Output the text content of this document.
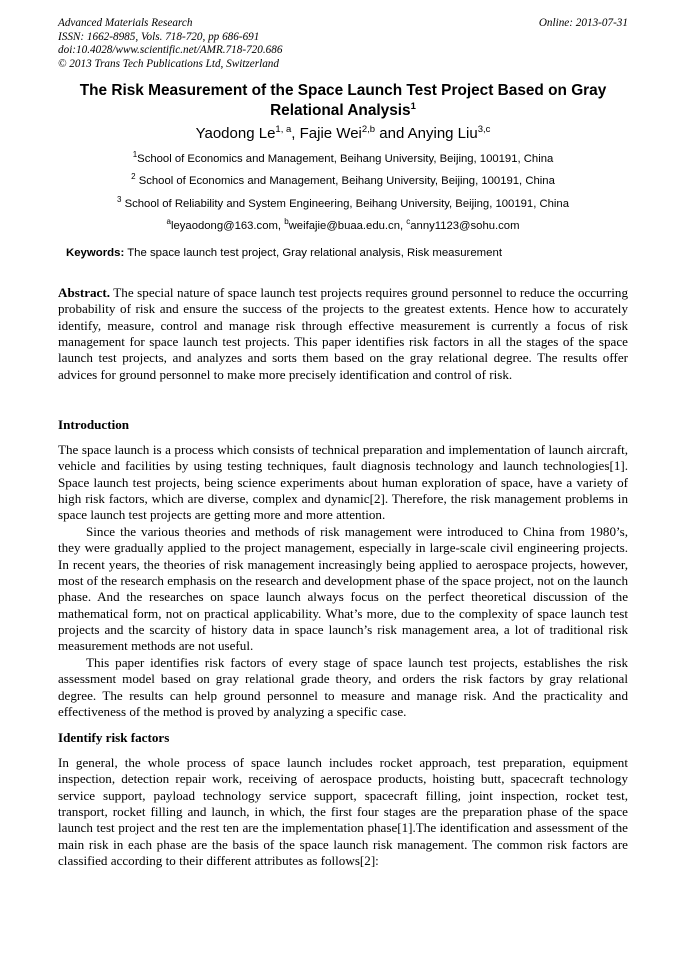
Advanced Materials Research	Online: 2013-07-31
ISSN: 1662-8985, Vols. 718-720, pp 686-691
doi:10.4028/www.scientific.net/AMR.718-720.686
© 2013 Trans Tech Publications Ltd, Switzerland
The Risk Measurement of the Space Launch Test Project Based on Gray Relational Analysis$^1$
Yaodong Le$^{1, a}$, Fajie Wei$^{2,b}$ and Anying Liu$^{3,c}$
$^1$School of Economics and Management, Beihang University, Beijing, 100191, China
$^2$ School of Economics and Management, Beihang University, Beijing, 100191, China
$^3$ School of Reliability and System Engineering, Beihang University, Beijing, 100191, China
$^a$leyaodong@163.com, $^b$weifajie@buaa.edu.cn, $^c$anny1123@sohu.com
Keywords: The space launch test project, Gray relational analysis, Risk measurement

Abstract. The special nature of space launch test projects requires ground personnel to reduce the occurring probability of risk and ensure the success of the projects to the greatest extents. Hence how to accurately identify, measure, control and manage risk through effective measurement is currently a focus of risk management for space launch test projects. This paper identifies risk factors in all the stages of the space launch test projects, and analyzes and sorts them based on the gray relational degree. The results offer advices for ground personnel to make more precisely identification and control of risk.

Introduction

The space launch is a process which consists of technical preparation and implementation of launch aircraft, vehicle and facilities by using testing techniques, fault diagnosis technology and launch technologies[1]. Space launch test projects, being science experiments about human exploration of space, have a variety of high risk factors, which are diverse, complex and dynamic[2]. Therefore, the risk management problems in space launch test projects are getting more and more attention.

Since the various theories and methods of risk management were introduced to China from 1980’s, they were gradually applied to the project management, especially in large-scale civil engineering projects. In recent years, the theories of risk management increasingly being applied to aerospace projects, however, most of the research emphasis on the research and development phase of the space project, not on the launch phase. And the researches on space launch always focus on the perfect theoretical discussion of the mathematical form, not on practical applicability. What’s more, due to the complexity of space launch test projects and the scarcity of history data in space launch’s risk management area, a lot of traditional risk measurement methods are not useful.

This paper identifies risk factors of every stage of space launch test projects, establishes the risk assessment model based on gray relational grade theory, and orders the risk factors by gray relational degree. The results can help ground personnel to measure and manage risk. And the practicality and effectiveness of the method is proved by analyzing a specific case.

Identify risk factors

In general, the whole process of space launch includes rocket approach, test preparation, equipment inspection, detection repair work, receiving of aerospace products, hoisting butt, spacecraft technology service support, payload technology service support, spacecraft filling, joint inspection, rocket test, transport, rocket filling and launch, in which, the first four stages are the preparation phase of the space launch test project and the rest ten are the implementation phase[1].The identification and assessment of the main risk in each phase are the basis of the space launch risk management. The common risk factors are classified according to their different attributes as follows[2]:
